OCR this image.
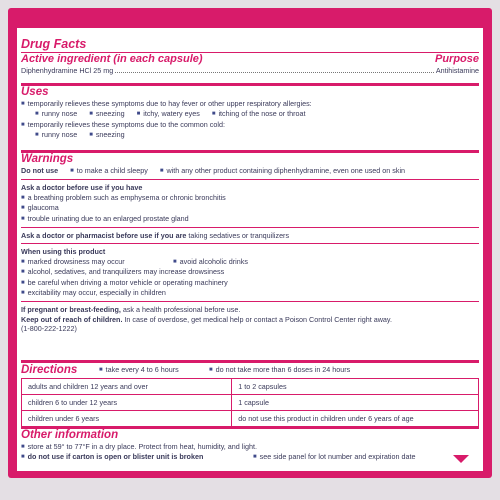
Drug Facts
Active ingredient (in each capsule)	Purpose
Diphenhydramine HCl 25 mg	Antihistamine
Uses
■ temporarily relieves these symptoms due to hay fever or other upper respiratory allergies:
■ runny nose	■ sneezing	■ itchy, watery eyes	■ itching of the nose or throat
■ temporarily relieves these symptoms due to the common cold:
■ runny nose	■ sneezing
Warnings
Do not use	■ to make a child sleepy	■ with any other product containing diphenhydramine, even one used on skin
Ask a doctor before use if you have
■ a breathing problem such as emphysema or chronic bronchitis
■ glaucoma
■ trouble urinating due to an enlarged prostate gland
Ask a doctor or pharmacist before use if you are taking sedatives or tranquilizers
When using this product
■ marked drowsiness may occur	■ avoid alcoholic drinks
■ alcohol, sedatives, and tranquilizers may increase drowsiness
■ be careful when driving a motor vehicle or operating machinery
■ excitability may occur, especially in children
If pregnant or breast-feeding, ask a health professional before use.
Keep out of reach of children. In case of overdose, get medical help or contact a Poison Control Center right away.
(1-800-222-1222)
Directions	■ take every 4 to 6 hours	■ do not take more than 6 doses in 24 hours
adults and children 12 years and over	1 to 2 capsules
children 6 to under 12 years	1 capsule
children under 6 years	do not use this product in children under 6 years of age
Other information
■ store at 59° to 77°F in a dry place. Protect from heat, humidity, and light.
■ do not use if carton is open or blister unit is broken	■ see side panel for lot number and expiration date
